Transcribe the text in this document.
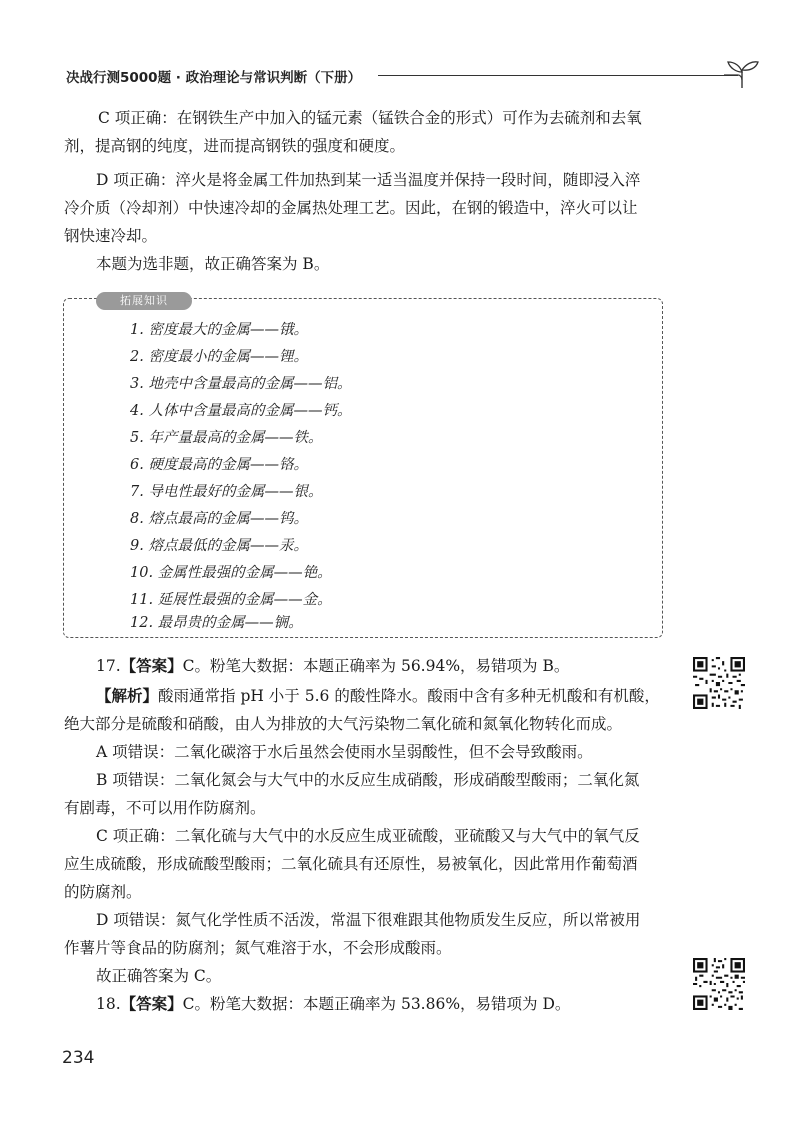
决战行测5000题 · 政治理论与常识判断（下册）

C 项正确：在钢铁生产中加入的锰元素（锰铁合金的形式）可作为去硫剂和去氧
剂，提高钢的纯度，进而提高钢铁的强度和硬度。

D 项正确：淬火是将金属工件加热到某一适当温度并保持一段时间，随即浸入淬
冷介质（冷却剂）中快速冷却的金属热处理工艺。因此，在钢的锻造中，淬火可以让
钢快速冷却。

本题为选非题，故正确答案为 B。

拓展知识
1. 密度最大的金属——锇。
2. 密度最小的金属——锂。
3. 地壳中含量最高的金属——铝。
4. 人体中含量最高的金属——钙。
5. 年产量最高的金属——铁。
6. 硬度最高的金属——铬。
7. 导电性最好的金属——银。
8. 熔点最高的金属——钨。
9. 熔点最低的金属——汞。
10. 金属性最强的金属——铯。
11. 延展性最强的金属——金。
12. 最昂贵的金属——锎。

17.【答案】C。粉笔大数据：本题正确率为 56.94%，易错项为 B。

【解析】酸雨通常指 pH 小于 5.6 的酸性降水。酸雨中含有多种无机酸和有机酸，
绝大部分是硫酸和硝酸，由人为排放的大气污染物二氧化硫和氮氧化物转化而成。

A 项错误：二氧化碳溶于水后虽然会使雨水呈弱酸性，但不会导致酸雨。

B 项错误：二氧化氮会与大气中的水反应生成硝酸，形成硝酸型酸雨；二氧化氮
有剧毒，不可以用作防腐剂。

C 项正确：二氧化硫与大气中的水反应生成亚硫酸，亚硫酸又与大气中的氧气反
应生成硫酸，形成硫酸型酸雨；二氧化硫具有还原性，易被氧化，因此常用作葡萄酒
的防腐剂。

D 项错误：氮气化学性质不活泼，常温下很难跟其他物质发生反应，所以常被用
作薯片等食品的防腐剂；氮气难溶于水，不会形成酸雨。

故正确答案为 C。

18.【答案】C。粉笔大数据：本题正确率为 53.86%，易错项为 D。

234
